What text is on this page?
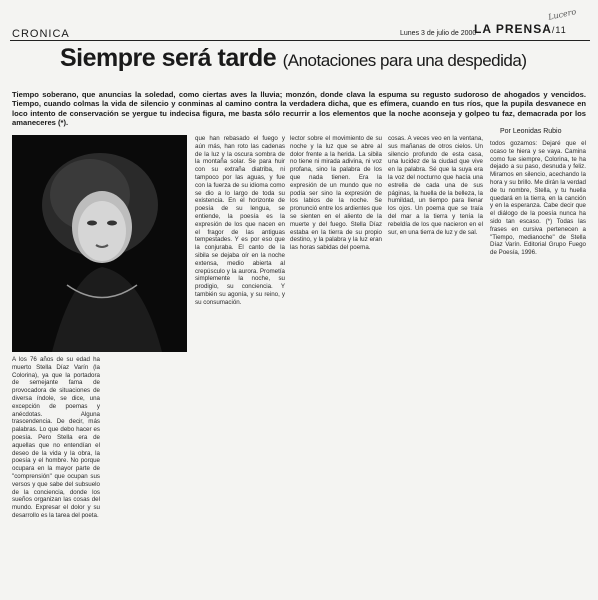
CRONICA	Lunes 3 de julio de 2000
LA PRENSA/11
Lucero
Siempre será tarde (Anotaciones para una despedida)
Tiempo soberano, que anuncias la soledad, como ciertas aves la lluvia; monzón, donde clava la espuma su regusto sudoroso de ahogados y vencidos. Tiempo, cuando colmas la vida de silencio y conminas al camino contra la verdadera dicha, que es efímera, cuando en tus ríos, que la pupila desvanece en loco intento de conservación se yergue tu indecisa figura, me basta sólo recurrir a los elementos que la noche aconseja y golpeo tu faz, demacrada por los amaneceres (*).
Por Leonidas Rubio
A los 76 años de su edad ha muerto Stella Díaz Varín (la Colorina), ya que la portadora de semejante fama de provocadora de situaciones de diversa índole, se dice, una excepción de poemas y anécdotas. Alguna trascendencia. De decir, más palabras. Lo que debo hacer es poesía. Pero Stella era de aquellas que no entendían el deseo de la vida y la obra, la poesía y el hombre. No porque ocupara en la mayor parte de "comprensión" que ocupan sus versos y que sabe del subsuelo de la conciencia, donde los sueños organizan las cosas del mundo. Expresar el dolor y su desarrollo es la tarea del poeta.
que han rebasado el fuego y aún más, han roto las cadenas de la luz y la oscura sombra de la montaña solar. Se para huir con su extraña diatriba, ni tampoco por las aguas, y fue con la fuerza de su idioma como se dio a lo largo de toda su existencia. En el horizonte de poesía de su lengua, se entiende, la poesía es la expresión de los que nacen en el fragor de las antiguas tempestades. Y es por eso que la conjuraba. El canto de la sibila se dejaba oír en la noche extensa, medio abierta al crepúsculo y la aurora. Prometía simplemente la noche, su prodigio, su conciencia. Y también su agonía, y su reino, y su consumación.
lector sobre el movimiento de su noche y la luz que se abre al dolor frente a la herida. La sibila no tiene ni mirada adivina, ni voz profana, sino la palabra de los que nada tienen. Era la expresión de un mundo que no podía ser sino la expresión de los labios de la noche. Se pronunció entre los ardientes que se sienten en el aliento de la muerte y del fuego. Stella Díaz estaba en la tierra de su propio destino, y la palabra y la luz eran las horas sabidas del poema.
cosas. A veces veo en la ventana, sus mañanas de otros cielos. Un silencio profundo de esta casa, una lucidez de la ciudad que vive en la palabra. Sé que la suya era la voz del nocturno que hacía una estrella de cada una de sus páginas, la huella de la belleza, la humildad, un tiempo para llenar los ojos. Un poema que se traía del mar a la tierra y tenía la rebeldía de los que nacieron en el sur, en una tierra de luz y de sal.
todos gozamos: Dejaré que el ocaso te hiera y se vaya. Camina como fue siempre, Colorina, te ha dejado a su paso, desnuda y feliz. Miramos en silencio, acechando la hora y su brillo. Me dirán la verdad de tu nombre, Stella, y tu huella quedará en la tierra, en la canción y en la esperanza. Cabe decir que el diálogo de la poesía nunca ha sido tan escaso. (*) Todas las frases en cursiva pertenecen a "Tiempo, medianoche" de Stella Díaz Varín. Editorial Grupo Fuego de Poesía, 1996.
